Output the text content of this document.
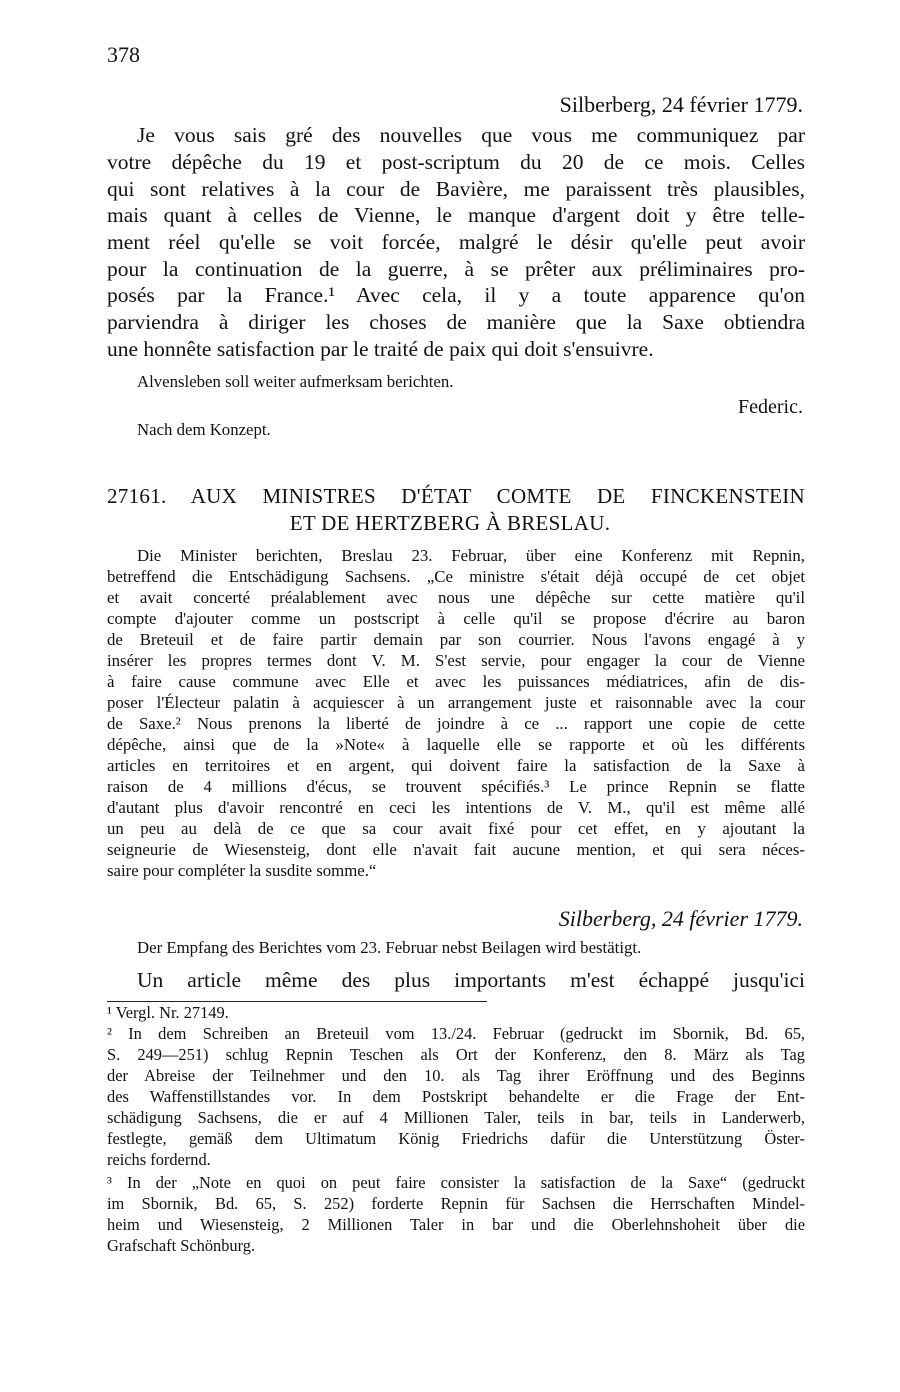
378
Silberberg, 24 février 1779.
Je vous sais gré des nouvelles que vous me communiquez par
votre dépêche du 19 et post-scriptum du 20 de ce mois. Celles
qui sont relatives à la cour de Bavière, me paraissent très plausibles,
mais quant à celles de Vienne, le manque d'argent doit y être telle-
ment réel qu'elle se voit forcée, malgré le désir qu'elle peut avoir
pour la continuation de la guerre, à se prêter aux préliminaires pro-
posés par la France.¹ Avec cela, il y a toute apparence qu'on
parviendra à diriger les choses de manière que la Saxe obtiendra
une honnête satisfaction par le traité de paix qui doit s'ensuivre.
Alvensleben soll weiter aufmerksam berichten.
Federic.
Nach dem Konzept.
27161. AUX MINISTRES D'ÉTAT COMTE DE FINCKENSTEIN
ET DE HERTZBERG À BRESLAU.
Die Minister berichten, Breslau 23. Februar, über eine Konferenz mit Repnin,
betreffend die Entschädigung Sachsens. „Ce ministre s'était déjà occupé de cet objet
et avait concerté préalablement avec nous une dépêche sur cette matière qu'il
compte d'ajouter comme un postscript à celle qu'il se propose d'écrire au baron
de Breteuil et de faire partir demain par son courrier. Nous l'avons engagé à y
insérer les propres termes dont V. M. S'est servie, pour engager la cour de Vienne
à faire cause commune avec Elle et avec les puissances médiatrices, afin de dis-
poser l'Électeur palatin à acquiescer à un arrangement juste et raisonnable avec la cour
de Saxe.² Nous prenons la liberté de joindre à ce ... rapport une copie de cette
dépêche, ainsi que de la »Note« à laquelle elle se rapporte et où les différents
articles en territoires et en argent, qui doivent faire la satisfaction de la Saxe à
raison de 4 millions d'écus, se trouvent spécifiés.³ Le prince Repnin se flatte
d'autant plus d'avoir rencontré en ceci les intentions de V. M., qu'il est même allé
un peu au delà de ce que sa cour avait fixé pour cet effet, en y ajoutant la
seigneurie de Wiesensteig, dont elle n'avait fait aucune mention, et qui sera néces-
saire pour compléter la susdite somme.“
Silberberg, 24 février 1779.
Der Empfang des Berichtes vom 23. Februar nebst Beilagen wird bestätigt.
Un article même des plus importants m'est échappé jusqu'ici
¹ Vergl. Nr. 27149.
² In dem Schreiben an Breteuil vom 13./24. Februar (gedruckt im Sbornik, Bd. 65,
S. 249—251) schlug Repnin Teschen als Ort der Konferenz, den 8. März als Tag
der Abreise der Teilnehmer und den 10. als Tag ihrer Eröffnung und des Beginns
des Waffenstillstandes vor. In dem Postskript behandelte er die Frage der Ent-
schädigung Sachsens, die er auf 4 Millionen Taler, teils in bar, teils in Landerwerb,
festlegte, gemäß dem Ultimatum König Friedrichs dafür die Unterstützung Öster-
reichs fordernd.
³ In der „Note en quoi on peut faire consister la satisfaction de la Saxe“ (gedruckt
im Sbornik, Bd. 65, S. 252) forderte Repnin für Sachsen die Herrschaften Mindel-
heim und Wiesensteig, 2 Millionen Taler in bar und die Oberlehnshoheit über die
Grafschaft Schönburg.
